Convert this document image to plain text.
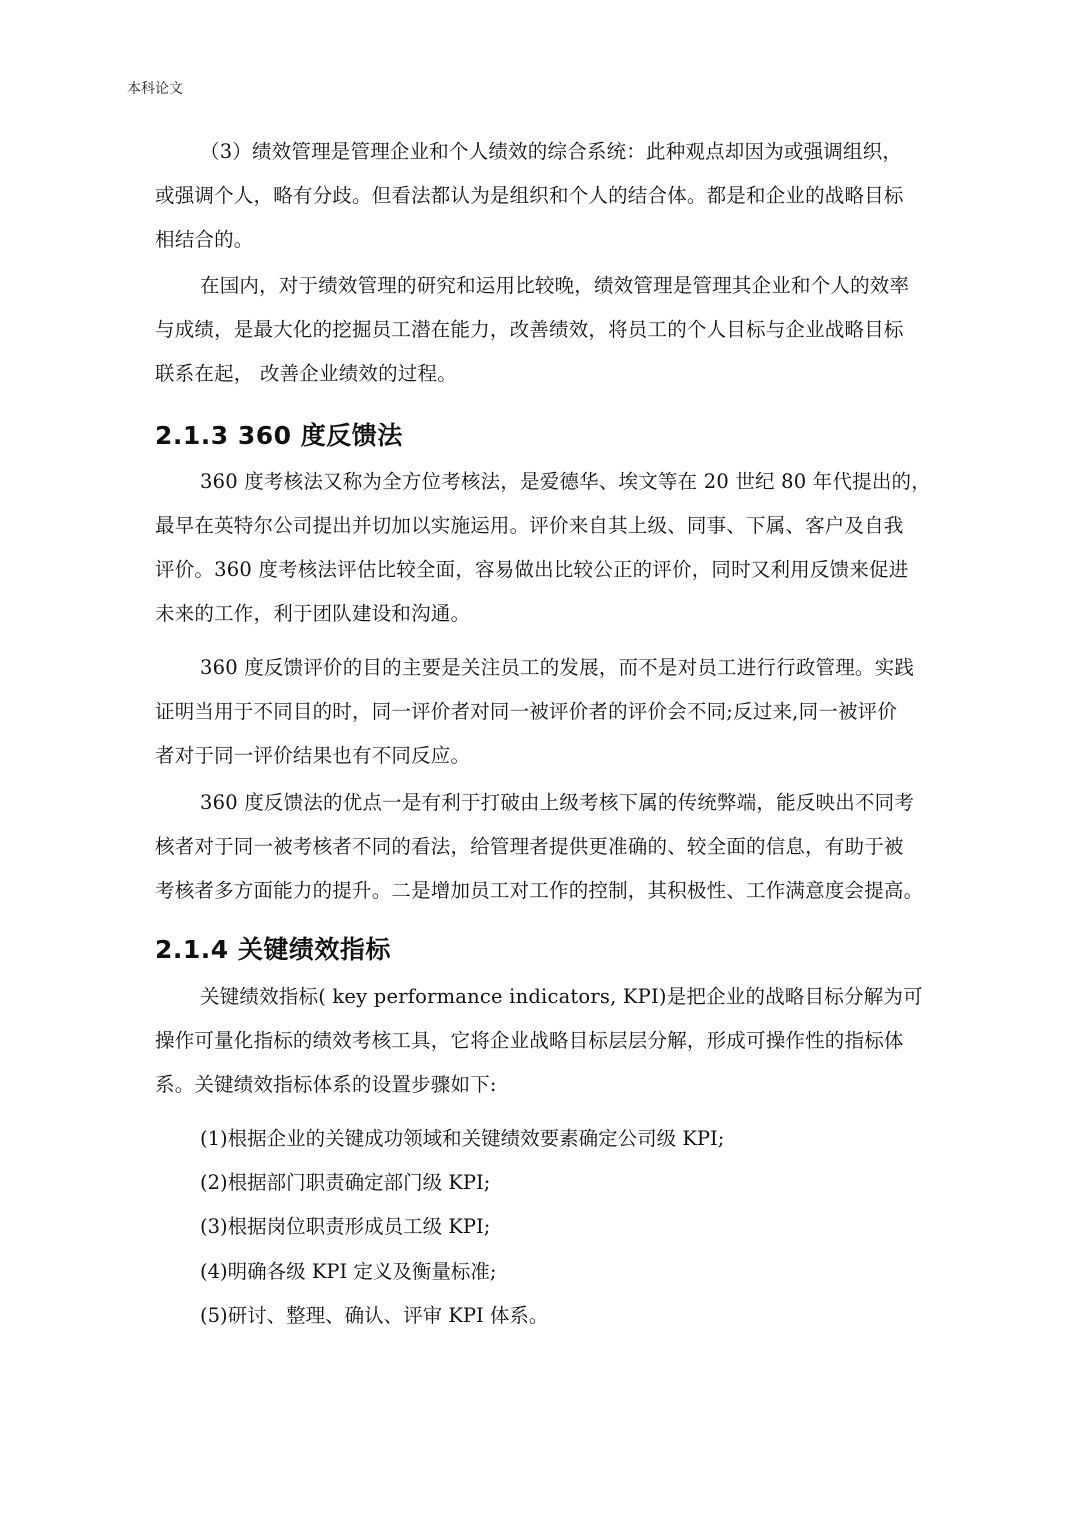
本科论文
（3）绩效管理是管理企业和个人绩效的综合系统：此种观点却因为或强调组织，
或强调个人，略有分歧。但看法都认为是组织和个人的结合体。都是和企业的战略目标
相结合的。
在国内，对于绩效管理的研究和运用比较晚，绩效管理是管理其企业和个人的效率
与成绩，是最大化的挖掘员工潜在能力，改善绩效，将员工的个人目标与企业战略目标
联系在起， 改善企业绩效的过程。
2.1.3 360 度反馈法
360 度考核法又称为全方位考核法，是爱德华、埃文等在 20 世纪 80 年代提出的，
最早在英特尔公司提出并切加以实施运用。评价来自其上级、同事、下属、客户及自我
评价。360 度考核法评估比较全面，容易做出比较公正的评价，同时又利用反馈来促进
未来的工作，利于团队建设和沟通。
360 度反馈评价的目的主要是关注员工的发展，而不是对员工进行行政管理。实践
证明当用于不同目的时，同一评价者对同一被评价者的评价会不同;反过来,同一被评价
者对于同一评价结果也有不同反应。
360 度反馈法的优点一是有利于打破由上级考核下属的传统弊端，能反映出不同考
核者对于同一被考核者不同的看法，给管理者提供更准确的、较全面的信息，有助于被
考核者多方面能力的提升。二是增加员工对工作的控制，其积极性、工作满意度会提高。
2.1.4 关键绩效指标
关键绩效指标( key performance indicators, KPI)是把企业的战略目标分解为可
操作可量化指标的绩效考核工具，它将企业战略目标层层分解，形成可操作性的指标体
系。关键绩效指标体系的设置步骤如下:
(1)根据企业的关键成功领域和关键绩效要素确定公司级 KPI;
(2)根据部门职责确定部门级 KPI;
(3)根据岗位职责形成员工级 KPI;
(4)明确各级 KPI 定义及衡量标准;
(5)研讨、整理、确认、评审 KPI 体系。
